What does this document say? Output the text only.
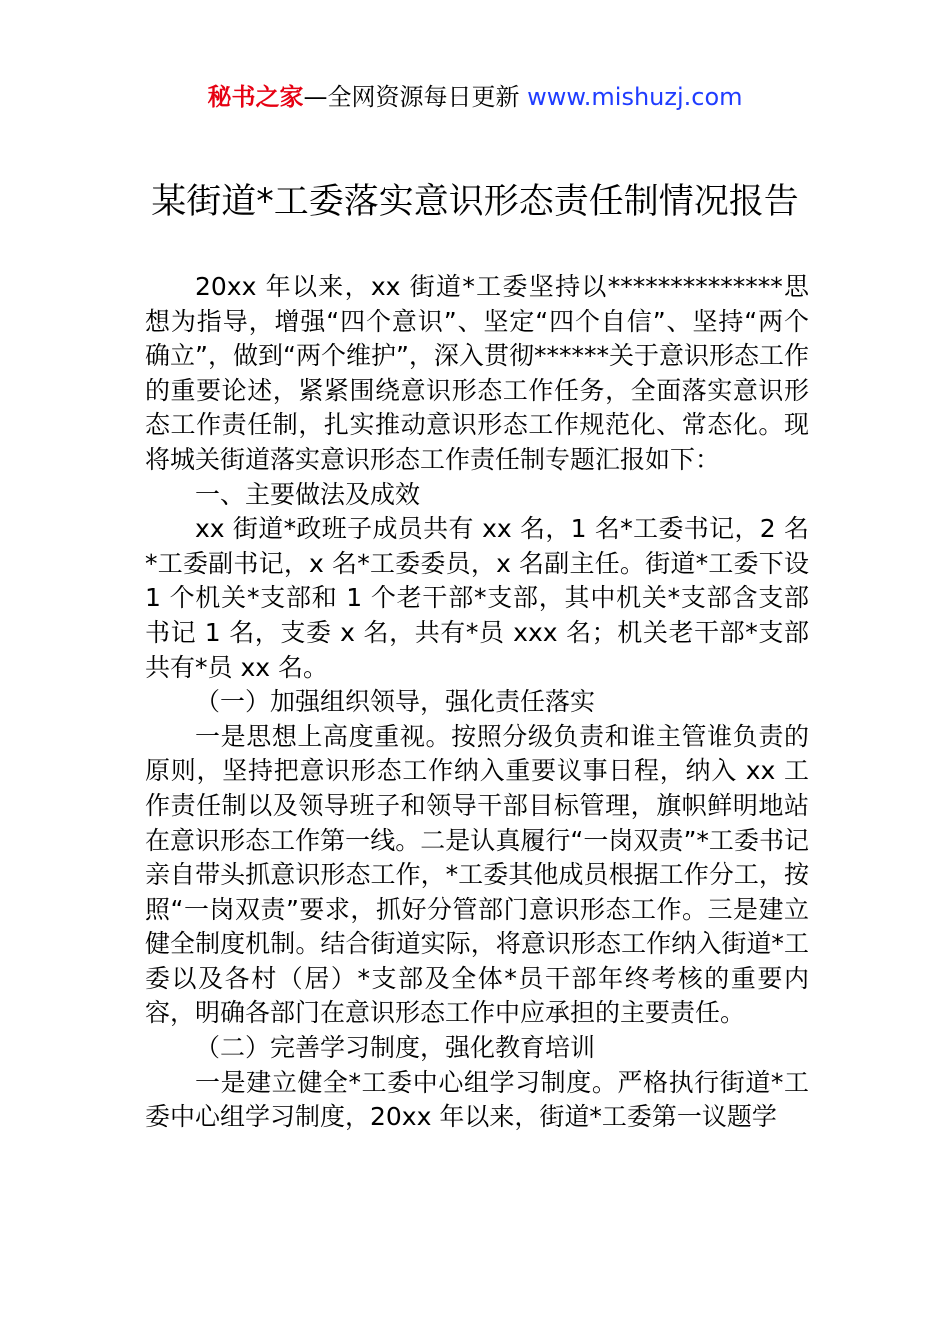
秘书之家—全网资源每日更新 www.mishuzj.com
某街道*工委落实意识形态责任制情况报告

20xx 年以来，xx 街道*工委坚持以**************思想为指导，增强“四个意识”、坚定“四个自信”、坚持“两个确立”，做到“两个维护”，深入贯彻******关于意识形态工作的重要论述，紧紧围绕意识形态工作任务，全面落实意识形态工作责任制，扎实推动意识形态工作规范化、常态化。现将城关街道落实意识形态工作责任制专题汇报如下：

一、主要做法及成效

xx 街道*政班子成员共有 xx 名，1 名*工委书记，2 名*工委副书记，x 名*工委委员，x 名副主任。街道*工委下设 1 个机关*支部和 1 个老干部*支部，其中机关*支部含支部书记 1 名，支委 x 名，共有*员 xxx 名；机关老干部*支部共有*员 xx 名。

（一）加强组织领导，强化责任落实

一是思想上高度重视。按照分级负责和谁主管谁负责的原则，坚持把意识形态工作纳入重要议事日程，纳入 xx 工作责任制以及领导班子和领导干部目标管理，旗帜鲜明地站在意识形态工作第一线。二是认真履行“一岗双责”*工委书记亲自带头抓意识形态工作，*工委其他成员根据工作分工，按照“一岗双责”要求，抓好分管部门意识形态工作。三是建立健全制度机制。结合街道实际，将意识形态工作纳入街道*工委以及各村（居）*支部及全体*员干部年终考核的重要内容，明确各部门在意识形态工作中应承担的主要责任。

（二）完善学习制度，强化教育培训

一是建立健全*工委中心组学习制度。严格执行街道*工委中心组学习制度，20xx 年以来，街道*工委第一议题学
